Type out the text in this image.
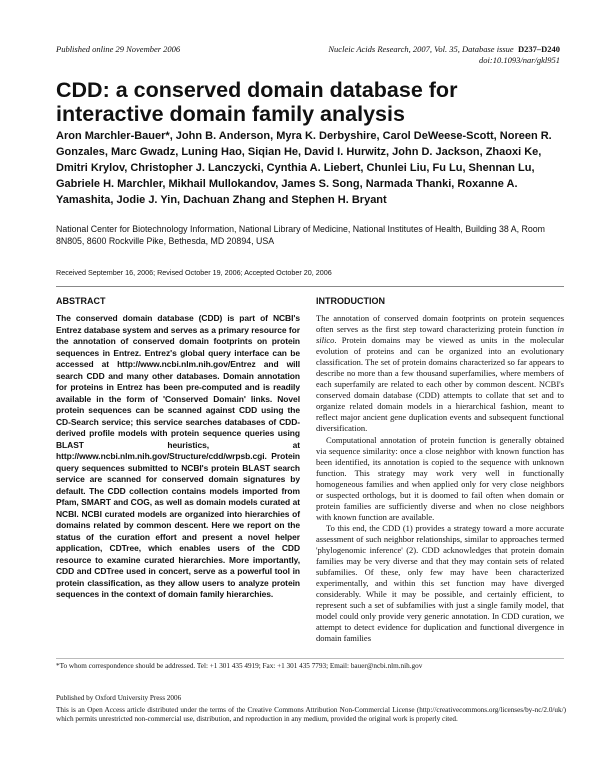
Published online 29 November 2006	Nucleic Acids Research, 2007, Vol. 35, Database issue D237–D240
doi:10.1093/nar/gkl951
CDD: a conserved domain database for interactive domain family analysis
Aron Marchler-Bauer*, John B. Anderson, Myra K. Derbyshire, Carol DeWeese-Scott, Noreen R. Gonzales, Marc Gwadz, Luning Hao, Siqian He, David I. Hurwitz, John D. Jackson, Zhaoxi Ke, Dmitri Krylov, Christopher J. Lanczycki, Cynthia A. Liebert, Chunlei Liu, Fu Lu, Shennan Lu, Gabriele H. Marchler, Mikhail Mullokandov, James S. Song, Narmada Thanki, Roxanne A. Yamashita, Jodie J. Yin, Dachuan Zhang and Stephen H. Bryant
National Center for Biotechnology Information, National Library of Medicine, National Institutes of Health, Building 38 A, Room 8N805, 8600 Rockville Pike, Bethesda, MD 20894, USA
Received September 16, 2006; Revised October 19, 2006; Accepted October 20, 2006
ABSTRACT

The conserved domain database (CDD) is part of NCBI's Entrez database system and serves as a primary resource for the annotation of conserved domain footprints on protein sequences in Entrez. Entrez's global query interface can be accessed at http://www.ncbi.nlm.nih.gov/Entrez and will search CDD and many other databases. Domain annotation for proteins in Entrez has been pre-computed and is readily available in the form of 'Conserved Domain' links. Novel protein sequences can be scanned against CDD using the CD-Search service; this service searches databases of CDD-derived profile models with protein sequence queries using BLAST heuristics, at http://www.ncbi.nlm.nih.gov/Structure/cdd/wrpsb.cgi. Protein query sequences submitted to NCBI's protein BLAST search service are scanned for conserved domain signatures by default. The CDD collection contains models imported from Pfam, SMART and COG, as well as domain models curated at NCBI. NCBI curated models are organized into hierarchies of domains related by common descent. Here we report on the status of the curation effort and present a novel helper application, CDTree, which enables users of the CDD resource to examine curated hierarchies. More importantly, CDD and CDTree used in concert, serve as a powerful tool in protein classification, as they allow users to analyze protein sequences in the context of domain family hierarchies.

INTRODUCTION

The annotation of conserved domain footprints on protein sequences often serves as the first step toward characterizing protein function in silico. Protein domains may be viewed as units in the molecular evolution of proteins and can be organized into an evolutionary classification. The set of protein domains characterized so far appears to describe no more than a few thousand superfamilies, where members of each superfamily are related to each other by common descent. NCBI's conserved domain database (CDD) attempts to collate that set and to organize related domain models in a hierarchical fashion, meant to reflect major ancient gene duplication events and subsequent functional diversification.

Computational annotation of protein function is generally obtained via sequence similarity: once a close neighbor with known function has been identified, its annotation is copied to the sequence with unknown function. This strategy may work very well in functionally homogeneous families and when applied only for very close neighbors or suspected orthologs, but it is doomed to fail often when domain or protein families are sufficiently diverse and when no close neighbors with known function are available.

To this end, the CDD (1) provides a strategy toward a more accurate assessment of such neighbor relationships, similar to approaches termed 'phylogenomic inference' (2). CDD acknowledges that protein domain families may be very diverse and that they may contain sets of related subfamilies. Of these, only few may have been characterized experimentally, and within this set function may have diverged considerably. While it may be possible, and certainly efficient, to represent such a set of subfamilies with just a single family model, that model could only provide very generic annotation. In CDD curation, we attempt to detect evidence for duplication and functional divergence in domain families

*To whom correspondence should be addressed. Tel: +1 301 435 4919; Fax: +1 301 435 7793; Email: bauer@ncbi.nlm.nih.gov
Published by Oxford University Press 2006
This is an Open Access article distributed under the terms of the Creative Commons Attribution Non-Commercial License (http://creativecommons.org/licenses/by-nc/2.0/uk/) which permits unrestricted non-commercial use, distribution, and reproduction in any medium, provided the original work is properly cited.
